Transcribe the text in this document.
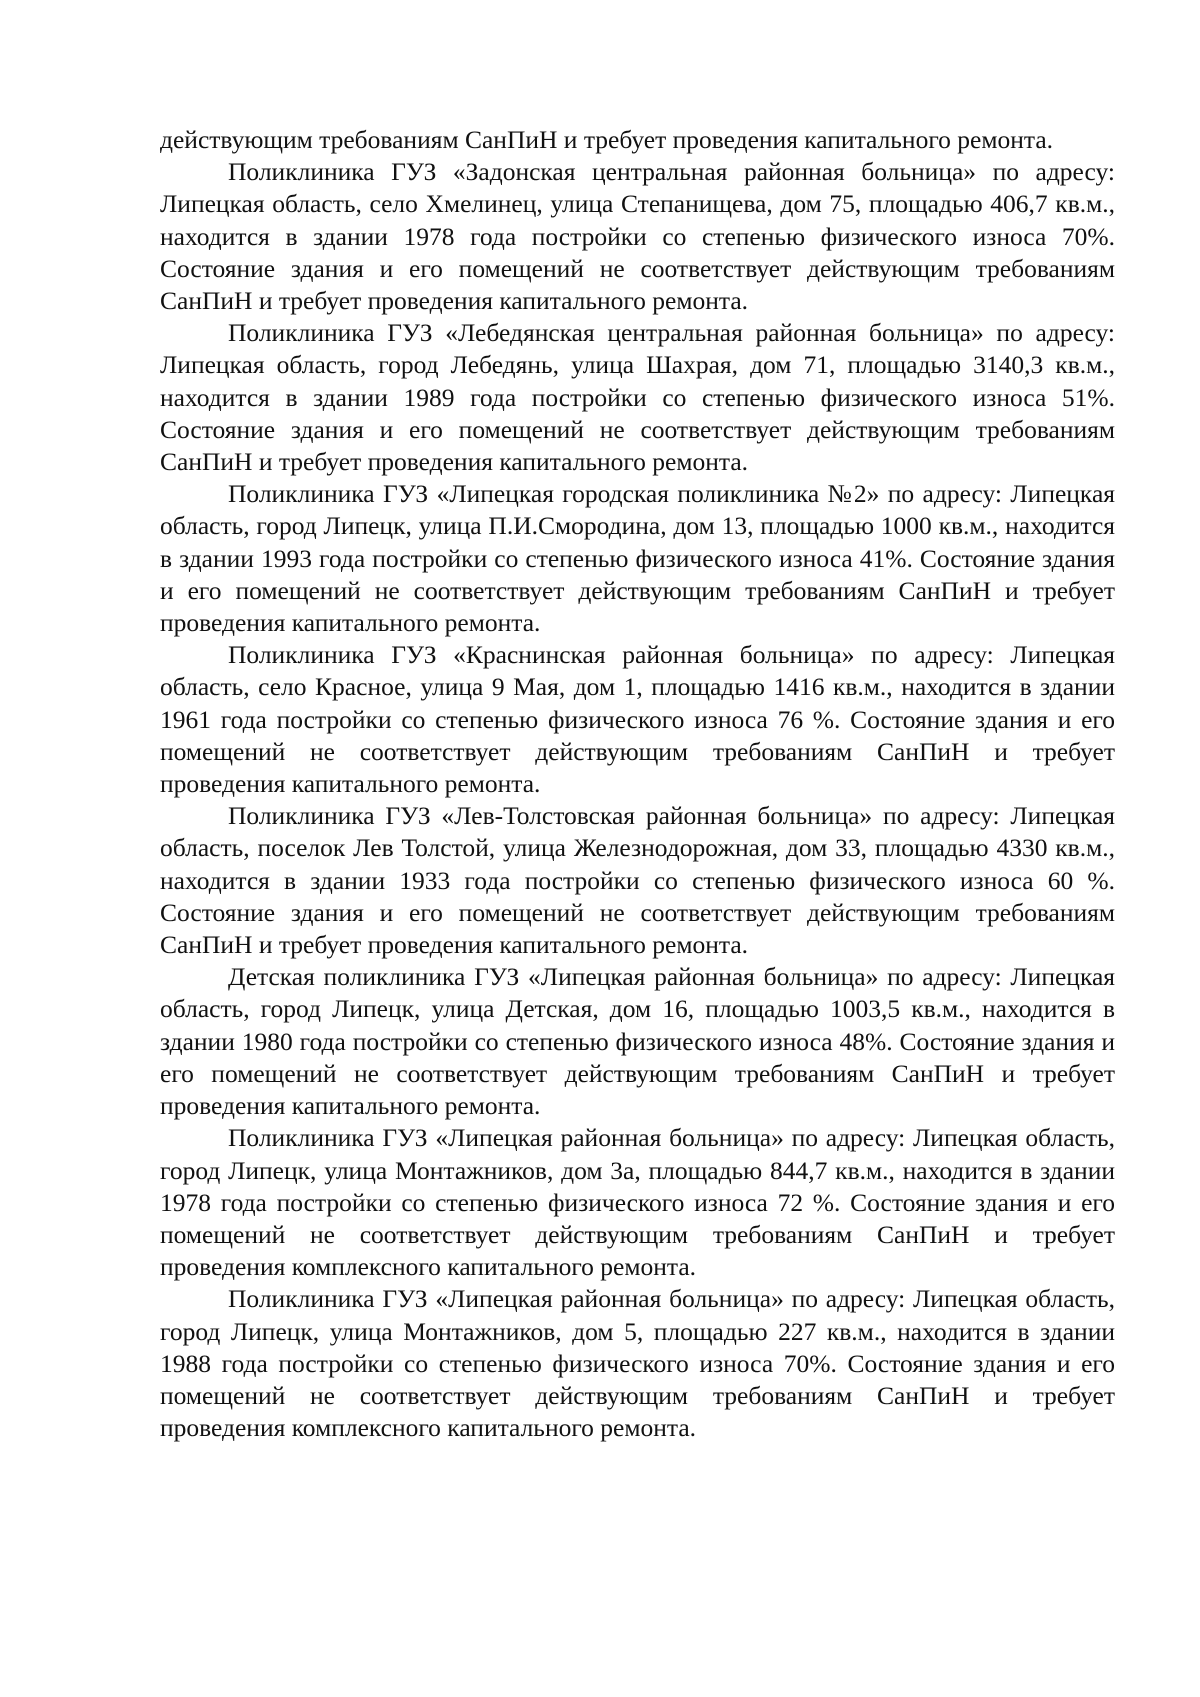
действующим требованиям СанПиН и требует проведения капитального ремонта.

Поликлиника ГУЗ «Задонская центральная районная больница» по адресу: Липецкая область, село Хмелинец, улица Степанищева, дом 75, площадью 406,7 кв.м., находится в здании 1978 года постройки со степенью физического износа 70%. Состояние здания и его помещений не соответствует действующим требованиям СанПиН и требует проведения капитального ремонта.

Поликлиника ГУЗ «Лебедянская центральная районная больница» по адресу: Липецкая область, город Лебедянь, улица Шахрая, дом 71, площадью 3140,3 кв.м., находится в здании 1989 года постройки со степенью физического износа 51%. Состояние здания и его помещений не соответствует действующим требованиям СанПиН и требует проведения капитального ремонта.

Поликлиника ГУЗ «Липецкая городская поликлиника №2» по адресу: Липецкая область, город Липецк, улица П.И.Смородина, дом 13, площадью 1000 кв.м., находится в здании 1993 года постройки со степенью физического износа 41%. Состояние здания и его помещений не соответствует действующим требованиям СанПиН и требует проведения капитального ремонта.

Поликлиника ГУЗ «Краснинская районная больница» по адресу: Липецкая область, село Красное, улица 9 Мая, дом 1, площадью 1416 кв.м., находится в здании 1961 года постройки со степенью физического износа 76 %. Состояние здания и его помещений не соответствует действующим требованиям СанПиН и требует проведения капитального ремонта.

Поликлиника ГУЗ «Лев-Толстовская районная больница» по адресу: Липецкая область, поселок Лев Толстой, улица Железнодорожная, дом 33, площадью 4330 кв.м., находится в здании 1933 года постройки со степенью физического износа 60 %. Состояние здания и его помещений не соответствует действующим требованиям СанПиН и требует проведения капитального ремонта.

Детская поликлиника ГУЗ «Липецкая районная больница» по адресу: Липецкая область, город Липецк, улица Детская, дом 16, площадью 1003,5 кв.м., находится в здании 1980 года постройки со степенью физического износа 48%. Состояние здания и его помещений не соответствует действующим требованиям СанПиН и требует проведения капитального ремонта.

Поликлиника ГУЗ «Липецкая районная больница» по адресу: Липецкая область, город Липецк, улица Монтажников, дом 3а, площадью 844,7 кв.м., находится в здании 1978 года постройки со степенью физического износа 72 %. Состояние здания и его помещений не соответствует действующим требованиям СанПиН и требует проведения комплексного капитального ремонта.

Поликлиника ГУЗ «Липецкая районная больница» по адресу: Липецкая область, город Липецк, улица Монтажников, дом 5, площадью 227 кв.м., находится в здании 1988 года постройки со степенью физического износа 70%. Состояние здания и его помещений не соответствует действующим требованиям СанПиН и требует проведения комплексного капитального ремонта.
